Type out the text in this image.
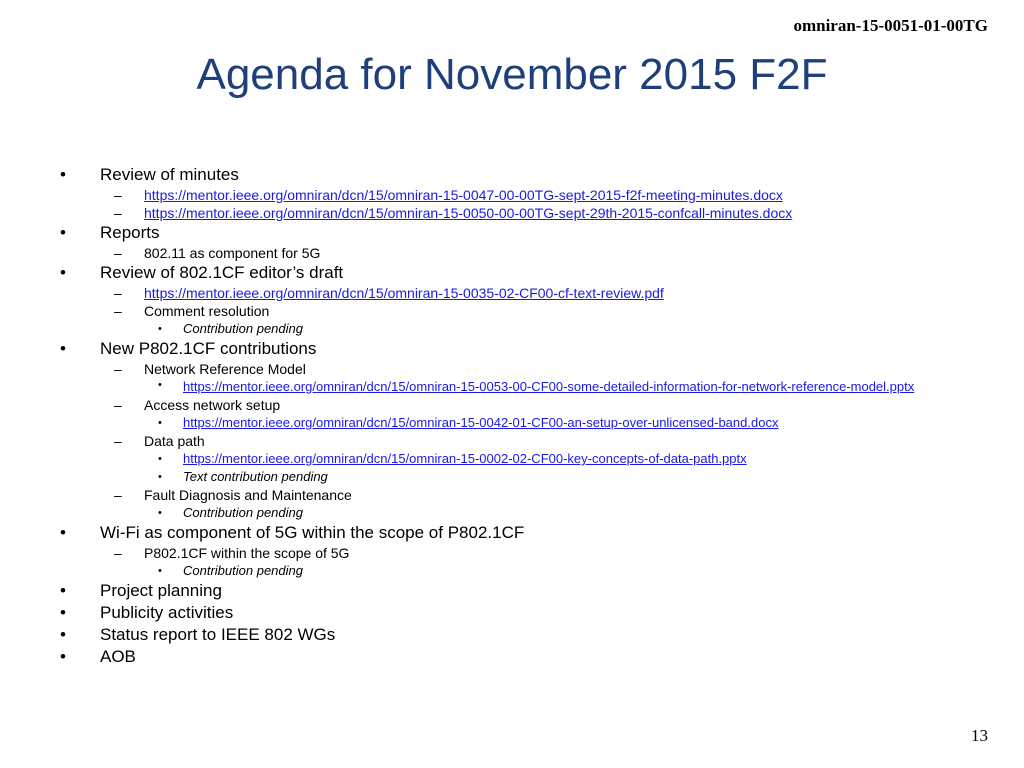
omniran-15-0051-01-00TG
Agenda for November 2015 F2F
• Review of minutes
– https://mentor.ieee.org/omniran/dcn/15/omniran-15-0047-00-00TG-sept-2015-f2f-meeting-minutes.docx
– https://mentor.ieee.org/omniran/dcn/15/omniran-15-0050-00-00TG-sept-29th-2015-confcall-minutes.docx
• Reports
– 802.11 as component for 5G
• Review of 802.1CF editor’s draft
– https://mentor.ieee.org/omniran/dcn/15/omniran-15-0035-02-CF00-cf-text-review.pdf
– Comment resolution
• Contribution pending
• New P802.1CF contributions
– Network Reference Model
• https://mentor.ieee.org/omniran/dcn/15/omniran-15-0053-00-CF00-some-detailed-information-for-network-reference-model.pptx
– Access network setup
• https://mentor.ieee.org/omniran/dcn/15/omniran-15-0042-01-CF00-an-setup-over-unlicensed-band.docx
– Data path
• https://mentor.ieee.org/omniran/dcn/15/omniran-15-0002-02-CF00-key-concepts-of-data-path.pptx
• Text contribution pending
– Fault Diagnosis and Maintenance
• Contribution pending
• Wi-Fi as component of 5G within the scope of P802.1CF
– P802.1CF within the scope of 5G
• Contribution pending
• Project planning
• Publicity activities
• Status report to IEEE 802 WGs
• AOB
13
